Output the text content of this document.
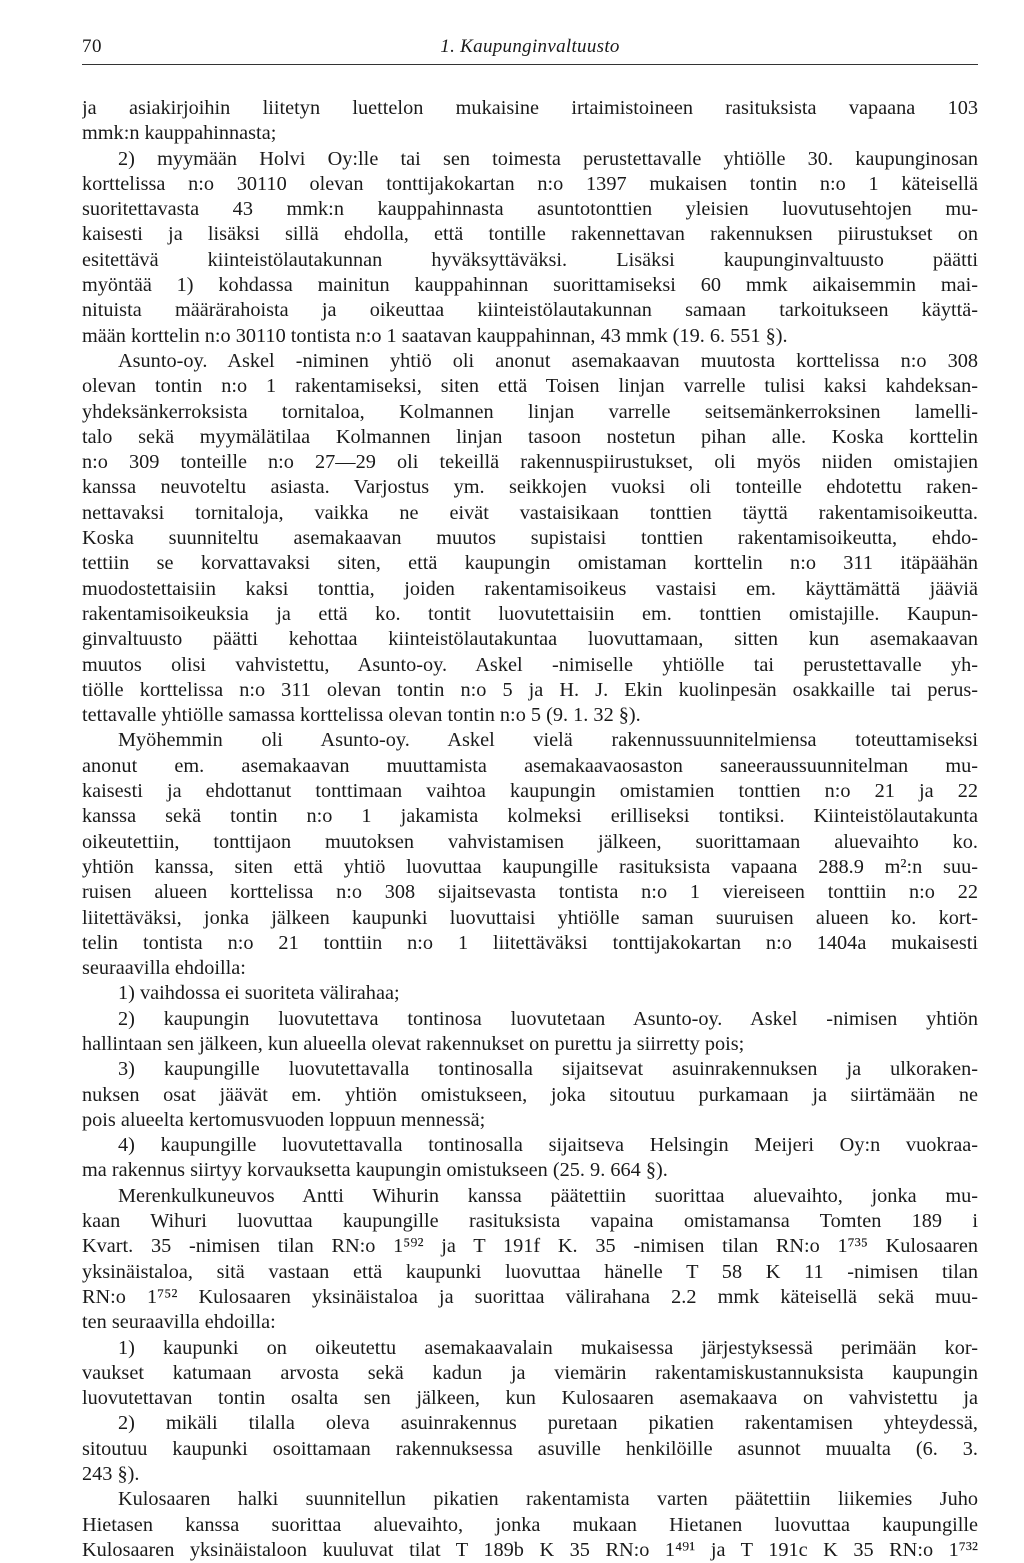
70	1. Kaupunginvaltuusto
ja asiakirjoihin liitetyn luettelon mukaisine irtaimistoineen rasituksista vapaana 103
mmk:n kauppahinnasta;
2) myymään Holvi Oy:lle tai sen toimesta perustettavalle yhtiölle 30. kaupunginosan
korttelissa n:o 30110 olevan tonttijakokartan n:o 1397 mukaisen tontin n:o 1 käteisellä
suoritettavasta 43 mmk:n kauppahinnasta asuntotonttien yleisien luovutusehtojen mu-
kaisesti ja lisäksi sillä ehdolla, että tontille rakennettavan rakennuksen piirustukset on
esitettävä kiinteistölautakunnan hyväksyttäväksi. Lisäksi kaupunginvaltuusto päätti
myöntää 1) kohdassa mainitun kauppahinnan suorittamiseksi 60 mmk aikaisemmin mai-
nituista määrärahoista ja oikeuttaa kiinteistölautakunnan samaan tarkoitukseen käyttä-
mään korttelin n:o 30110 tontista n:o 1 saatavan kauppahinnan, 43 mmk (19. 6. 551 §).
Asunto-oy. Askel -niminen yhtiö oli anonut asemakaavan muutosta korttelissa n:o 308
olevan tontin n:o 1 rakentamiseksi, siten että Toisen linjan varrelle tulisi kaksi kahdeksan-
yhdeksänkerroksista tornitaloa, Kolmannen linjan varrelle seitsemänkerroksinen lamelli-
talo sekä myymälätilaa Kolmannen linjan tasoon nostetun pihan alle. Koska korttelin
n:o 309 tonteille n:o 27—29 oli tekeillä rakennuspiirustukset, oli myös niiden omistajien
kanssa neuvoteltu asiasta. Varjostus ym. seikkojen vuoksi oli tonteille ehdotettu raken-
nettavaksi tornitaloja, vaikka ne eivät vastaisikaan tonttien täyttä rakentamisoikeutta.
Koska suunniteltu asemakaavan muutos supistaisi tonttien rakentamisoikeutta, ehdo-
tettiin se korvattavaksi siten, että kaupungin omistaman korttelin n:o 311 itäpäähän
muodostettaisiin kaksi tonttia, joiden rakentamisoikeus vastaisi em. käyttämättä jääviä
rakentamisoikeuksia ja että ko. tontit luovutettaisiin em. tonttien omistajille. Kaupun-
ginvaltuusto päätti kehottaa kiinteistölautakuntaa luovuttamaan, sitten kun asemakaavan
muutos olisi vahvistettu, Asunto-oy. Askel -nimiselle yhtiölle tai perustettavalle yh-
tiölle korttelissa n:o 311 olevan tontin n:o 5 ja H. J. Ekin kuolinpesän osakkaille tai perus-
tettavalle yhtiölle samassa korttelissa olevan tontin n:o 5 (9. 1. 32 §).
Myöhemmin oli Asunto-oy. Askel vielä rakennussuunnitelmiensa toteuttamiseksi
anonut em. asemakaavan muuttamista asemakaavaosaston saneeraussuunnitelman mu-
kaisesti ja ehdottanut tonttimaan vaihtoa kaupungin omistamien tonttien n:o 21 ja 22
kanssa sekä tontin n:o 1 jakamista kolmeksi erilliseksi tontiksi. Kiinteistölautakunta
oikeutettiin, tonttijaon muutoksen vahvistamisen jälkeen, suorittamaan aluevaihto ko.
yhtiön kanssa, siten että yhtiö luovuttaa kaupungille rasituksista vapaana 288.9 m²:n suu-
ruisen alueen korttelissa n:o 308 sijaitsevasta tontista n:o 1 viereiseen tonttiin n:o 22
liitettäväksi, jonka jälkeen kaupunki luovuttaisi yhtiölle saman suuruisen alueen ko. kort-
telin tontista n:o 21 tonttiin n:o 1 liitettäväksi tonttijakokartan n:o 1404a mukaisesti
seuraavilla ehdoilla:
1) vaihdossa ei suoriteta välirahaa;
2) kaupungin luovutettava tontinosa luovutetaan Asunto-oy. Askel -nimisen yhtiön
hallintaan sen jälkeen, kun alueella olevat rakennukset on purettu ja siirretty pois;
3) kaupungille luovutettavalla tontinosalla sijaitsevat asuinrakennuksen ja ulkoraken-
nuksen osat jäävät em. yhtiön omistukseen, joka sitoutuu purkamaan ja siirtämään ne
pois alueelta kertomusvuoden loppuun mennessä;
4) kaupungille luovutettavalla tontinosalla sijaitseva Helsingin Meijeri Oy:n vuokraa-
ma rakennus siirtyy korvauksetta kaupungin omistukseen (25. 9. 664 §).
Merenkulkuneuvos Antti Wihurin kanssa päätettiin suorittaa aluevaihto, jonka mu-
kaan Wihuri luovuttaa kaupungille rasituksista vapaina omistamansa Tomten 189 i
Kvart. 35 -nimisen tilan RN:o 1⁵⁹² ja T 191f K. 35 -nimisen tilan RN:o 1⁷³⁵ Kulosaaren
yksinäistaloa, sitä vastaan että kaupunki luovuttaa hänelle T 58 K 11 -nimisen tilan
RN:o 1⁷⁵² Kulosaaren yksinäistaloa ja suorittaa välirahana 2.2 mmk käteisellä sekä muu-
ten seuraavilla ehdoilla:
1) kaupunki on oikeutettu asemakaavalain mukaisessa järjestyksessä perimään kor-
vaukset katumaan arvosta sekä kadun ja viemärin rakentamiskustannuksista kaupungin
luovutettavan tontin osalta sen jälkeen, kun Kulosaaren asemakaava on vahvistettu ja
2) mikäli tilalla oleva asuinrakennus puretaan pikatien rakentamisen yhteydessä,
sitoutuu kaupunki osoittamaan rakennuksessa asuville henkilöille asunnot muualta (6. 3.
243 §).
Kulosaaren halki suunnitellun pikatien rakentamista varten päätettiin liikemies Juho
Hietasen kanssa suorittaa aluevaihto, jonka mukaan Hietanen luovuttaa kaupungille
Kulosaaren yksinäistaloon kuuluvat tilat T 189b K 35 RN:o 1⁴⁹¹ ja T 191c K 35 RN:o 1⁷³²
